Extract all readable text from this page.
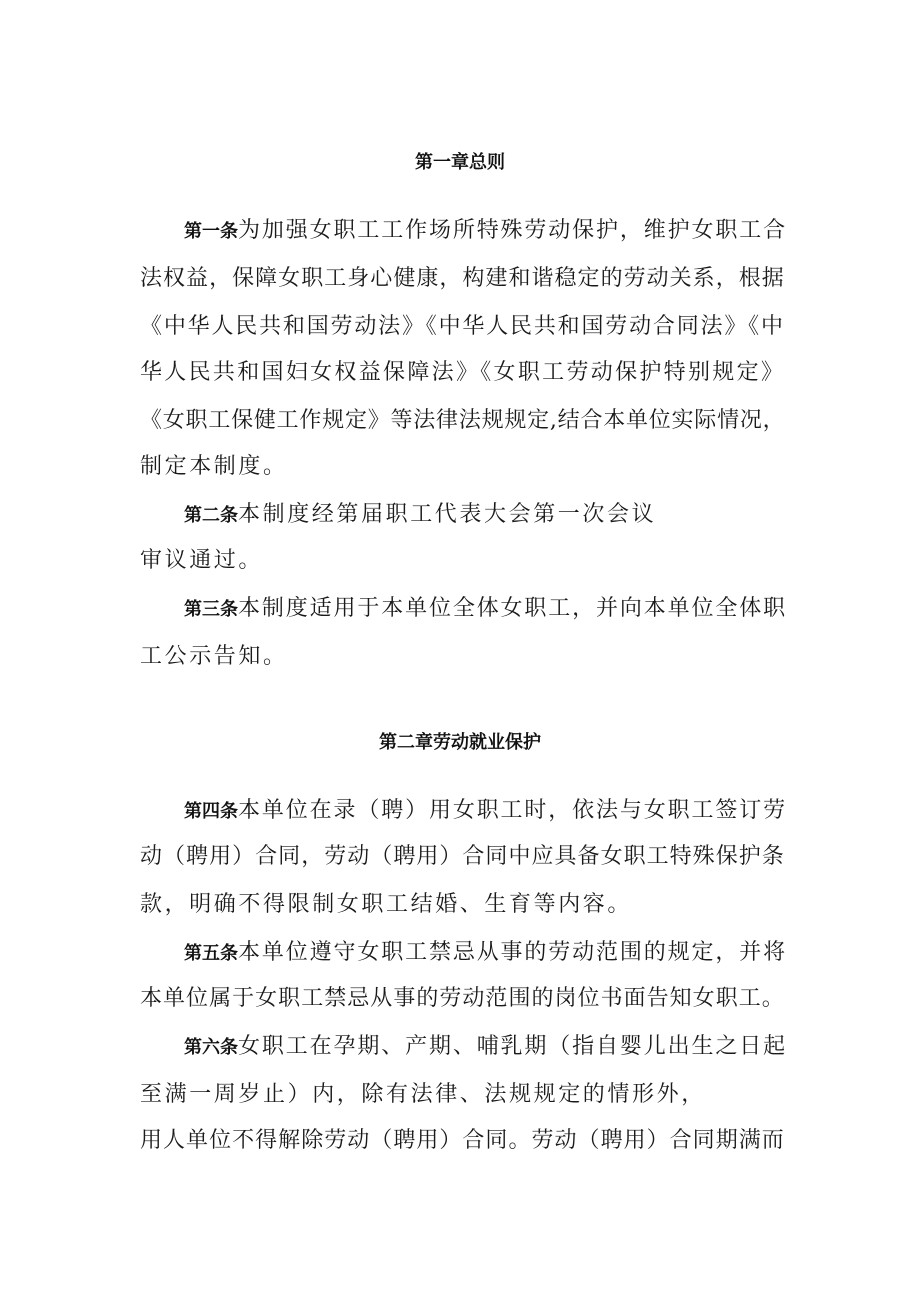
第一章总则
第一条为加强女职工工作场所特殊劳动保护，维护女职工合
法权益，保障女职工身心健康，构建和谐稳定的劳动关系，根据
《中华人民共和国劳动法》《中华人民共和国劳动合同法》《中
华人民共和国妇女权益保障法》《女职工劳动保护特别规定》
《女职工保健工作规定》等法律法规规定,结合本单位实际情况，
制定本制度。
第二条本制度经第届职工代表大会第一次会议
审议通过。
第三条本制度适用于本单位全体女职工，并向本单位全体职
工公示告知。
第二章劳动就业保护
第四条本单位在录（聘）用女职工时，依法与女职工签订劳
动（聘用）合同，劳动（聘用）合同中应具备女职工特殊保护条
款，明确不得限制女职工结婚、生育等内容。
第五条本单位遵守女职工禁忌从事的劳动范围的规定，并将
本单位属于女职工禁忌从事的劳动范围的岗位书面告知女职工。
第六条女职工在孕期、产期、哺乳期（指自婴儿出生之日起
至满一周岁止）内，除有法律、法规规定的情形外，
用人单位不得解除劳动（聘用）合同。劳动（聘用）合同期满而
